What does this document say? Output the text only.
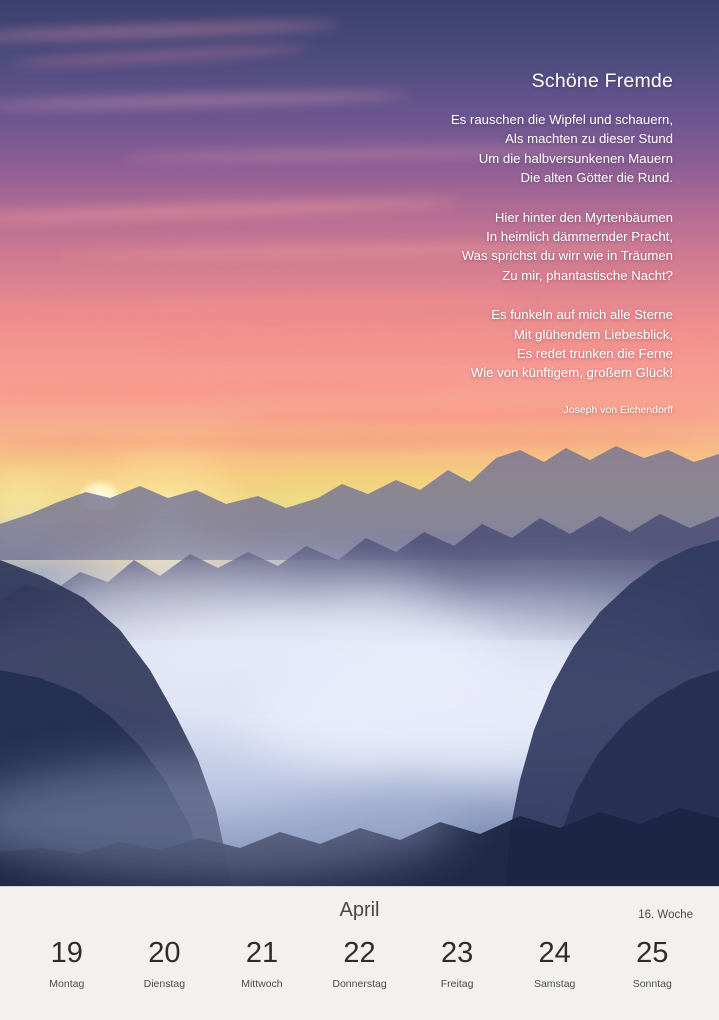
Schöne Fremde
Es rauschen die Wipfel und schauern,
Als machten zu dieser Stund
Um die halbversunkenen Mauern
Die alten Götter die Rund.
Hier hinter den Myrtenbäumen
In heimlich dämmernder Pracht,
Was sprichst du wirr wie in Träumen
Zu mir, phantastische Nacht?
Es funkeln auf mich alle Sterne
Mit glühendem Liebesblick,
Es redet trunken die Ferne
Wie von künftigem, großem Glück!
Joseph von Eichendorff
April	16. Woche
19
Montag
20
Dienstag
21
Mittwoch
22
Donnerstag
23
Freitag
24
Samstag
25
Sonntag
